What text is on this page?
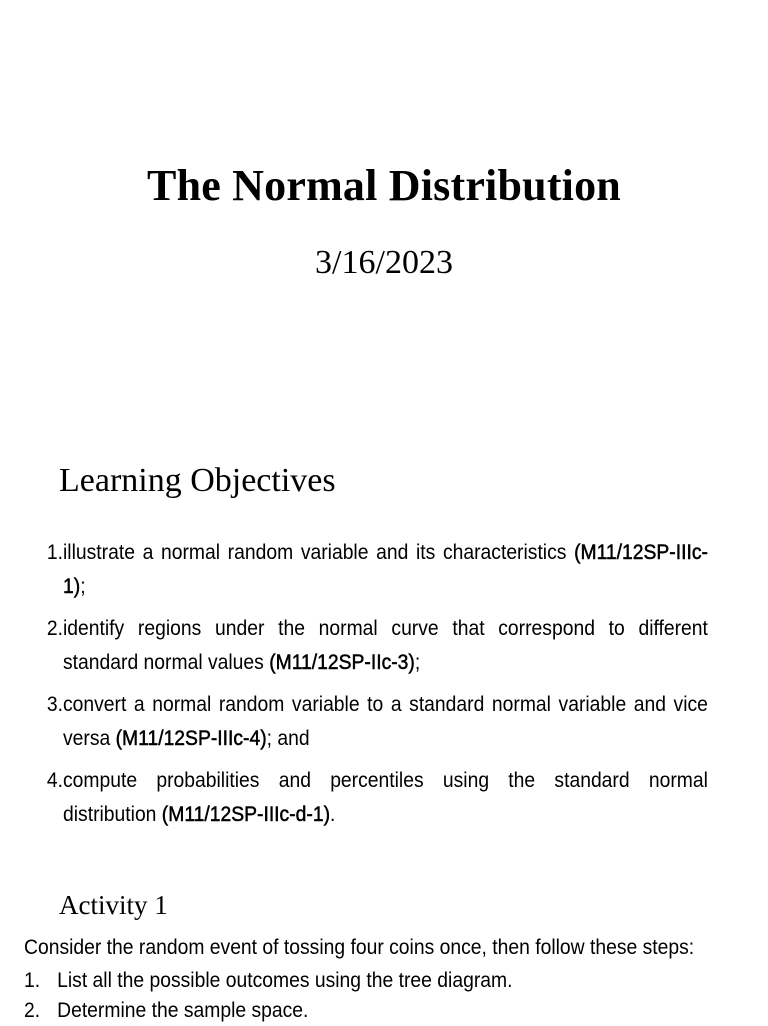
The Normal Distribution
3/16/2023
Learning Objectives
1. illustrate a normal random variable and its characteristics (M11/12SP-IIIc-1);
2. identify regions under the normal curve that correspond to different standard normal values (M11/12SP-IIc-3);
3. convert a normal random variable to a standard normal variable and vice versa (M11/12SP-IIIc-4); and
4. compute probabilities and percentiles using the standard normal distribution (M11/12SP-IIIc-d-1).
Activity 1
Consider the random event of tossing four coins once, then follow these steps:
1. List all the possible outcomes using the tree diagram.
2. Determine the sample space.
